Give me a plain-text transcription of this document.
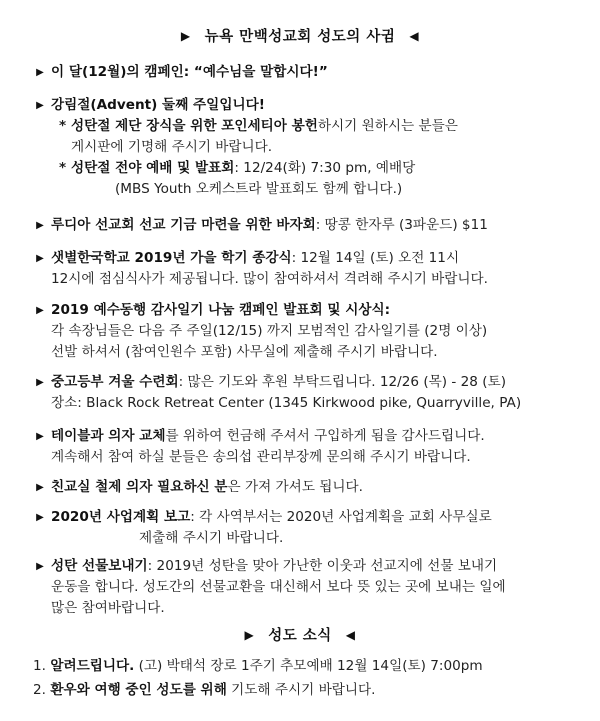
▶ 뉴욕 만백성교회 성도의 사귐 ◀
▶ 이 달(12월)의 캠페인: “예수님을 말합시다!”
▶ 강림절(Advent) 둘째 주일입니다!
* 성탄절 제단 장식을 위한 포인세티아 봉헌하시기 원하시는 분들은
게시판에 기명해 주시기 바랍니다.
* 성탄절 전야 예배 및 발표회: 12/24(화) 7:30 pm, 예배당
(MBS Youth 오케스트라 발표회도 함께 합니다.)
▶ 루디아 선교회 선교 기금 마련을 위한 바자회: 땅콩 한자루 (3파운드) $11
▶ 샛별한국학교 2019년 가을 학기 종강식: 12월 14일 (토) 오전 11시
12시에 점심식사가 제공됩니다. 많이 참여하셔서 격려해 주시기 바랍니다.
▶ 2019 예수동행 감사일기 나눔 캠페인 발표회 및 시상식:
각 속장님들은 다음 주 주일(12/15) 까지 모범적인 감사일기를 (2명 이상)
선발 하셔서 (참여인원수 포함) 사무실에 제출해 주시기 바랍니다.
▶ 중고등부 겨울 수련회: 많은 기도와 후원 부탁드립니다. 12/26 (목) - 28 (토)
장소: Black Rock Retreat Center (1345 Kirkwood pike, Quarryville, PA)
▶ 테이블과 의자 교체를 위하여 헌금해 주셔서 구입하게 됨을 감사드립니다.
계속해서 참여 하실 분들은 송의섭 관리부장께 문의해 주시기 바랍니다.
▶ 친교실 철제 의자 필요하신 분은 가져 가셔도 됩니다.
▶ 2020년 사업계획 보고: 각 사역부서는 2020년 사업계획을 교회 사무실로
제출해 주시기 바랍니다.
▶ 성탄 선물보내기: 2019년 성탄을 맞아 가난한 이웃과 선교지에 선물 보내기
운동을 합니다. 성도간의 선물교환을 대신해서 보다 뜻 있는 곳에 보내는 일에
많은 참여바랍니다.
▶ 성도 소식 ◀
1. 알려드립니다. (고) 박태석 장로 1주기 추모예배 12월 14일(토) 7:00pm
2. 환우와 여행 중인 성도를 위해 기도해 주시기 바랍니다.
